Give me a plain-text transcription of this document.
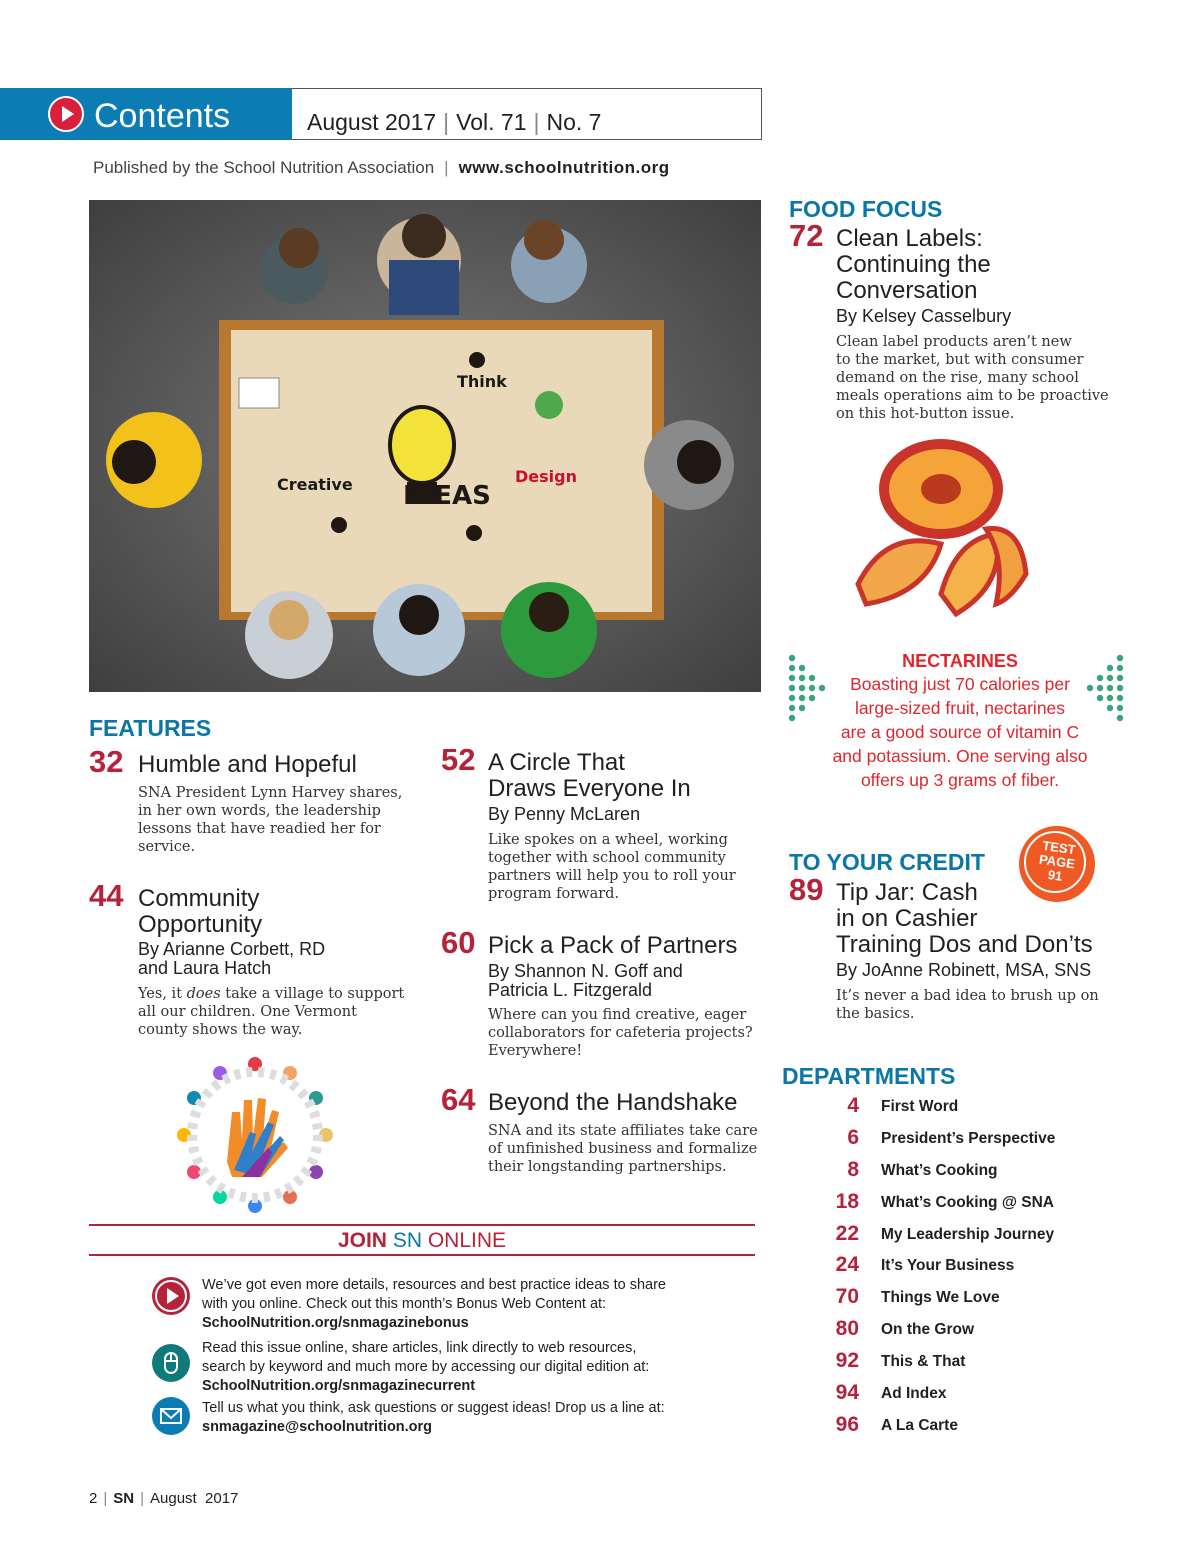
Contents	August 2017 | Vol. 71 | No. 7
Published by the School Nutrition Association | www.schoolnutrition.org
IDEAS
Think
Creative	Design
FOOD FOCUS
72 Clean Labels:
Continuing the
Conversation
By Kelsey Casselbury
Clean label products aren’t new
to the market, but with consumer
demand on the rise, many school
meals operations aim to be proactive
on this hot-button issue.
NECTARINES
Boasting just 70 calories per
large-sized fruit, nectarines
are a good source of vitamin C
and potassium. One serving also
offers up 3 grams of fiber.
TO YOUR CREDIT
TEST
PAGE
91
89 Tip Jar: Cash
in on Cashier
Training Dos and Don’ts
By JoAnne Robinett, MSA, SNS
It’s never a bad idea to brush up on
the basics.
FEATURES
32 Humble and Hopeful
SNA President Lynn Harvey shares,
in her own words, the leadership
lessons that have readied her for
service.
44 Community
Opportunity
By Arianne Corbett, RD
and Laura Hatch
Yes, it does take a village to support
all our children. One Vermont
county shows the way.
52 A Circle That
Draws Everyone In
By Penny McLaren
Like spokes on a wheel, working
together with school community
partners will help you to roll your
program forward.
60 Pick a Pack of Partners
By Shannon N. Goff and
Patricia L. Fitzgerald
Where can you find creative, eager
collaborators for cafeteria projects?
Everywhere!
64 Beyond the Handshake
SNA and its state affiliates take care
of unfinished business and formalize
their longstanding partnerships.
DEPARTMENTS
4 First Word
6 President’s Perspective
8 What’s Cooking
18 What’s Cooking @ SNA
22 My Leadership Journey
24 It’s Your Business
70 Things We Love
80 On the Grow
92 This & That
94 Ad Index
96 A La Carte
JOIN SN ONLINE
We’ve got even more details, resources and best practice ideas to share
with you online. Check out this month’s Bonus Web Content at:
SchoolNutrition.org/snmagazinebonus
Read this issue online, share articles, link directly to web resources,
search by keyword and much more by accessing our digital edition at:
SchoolNutrition.org/snmagazinecurrent
Tell us what you think, ask questions or suggest ideas! Drop us a line at:
snmagazine@schoolnutrition.org
2 | SN | August  2017
